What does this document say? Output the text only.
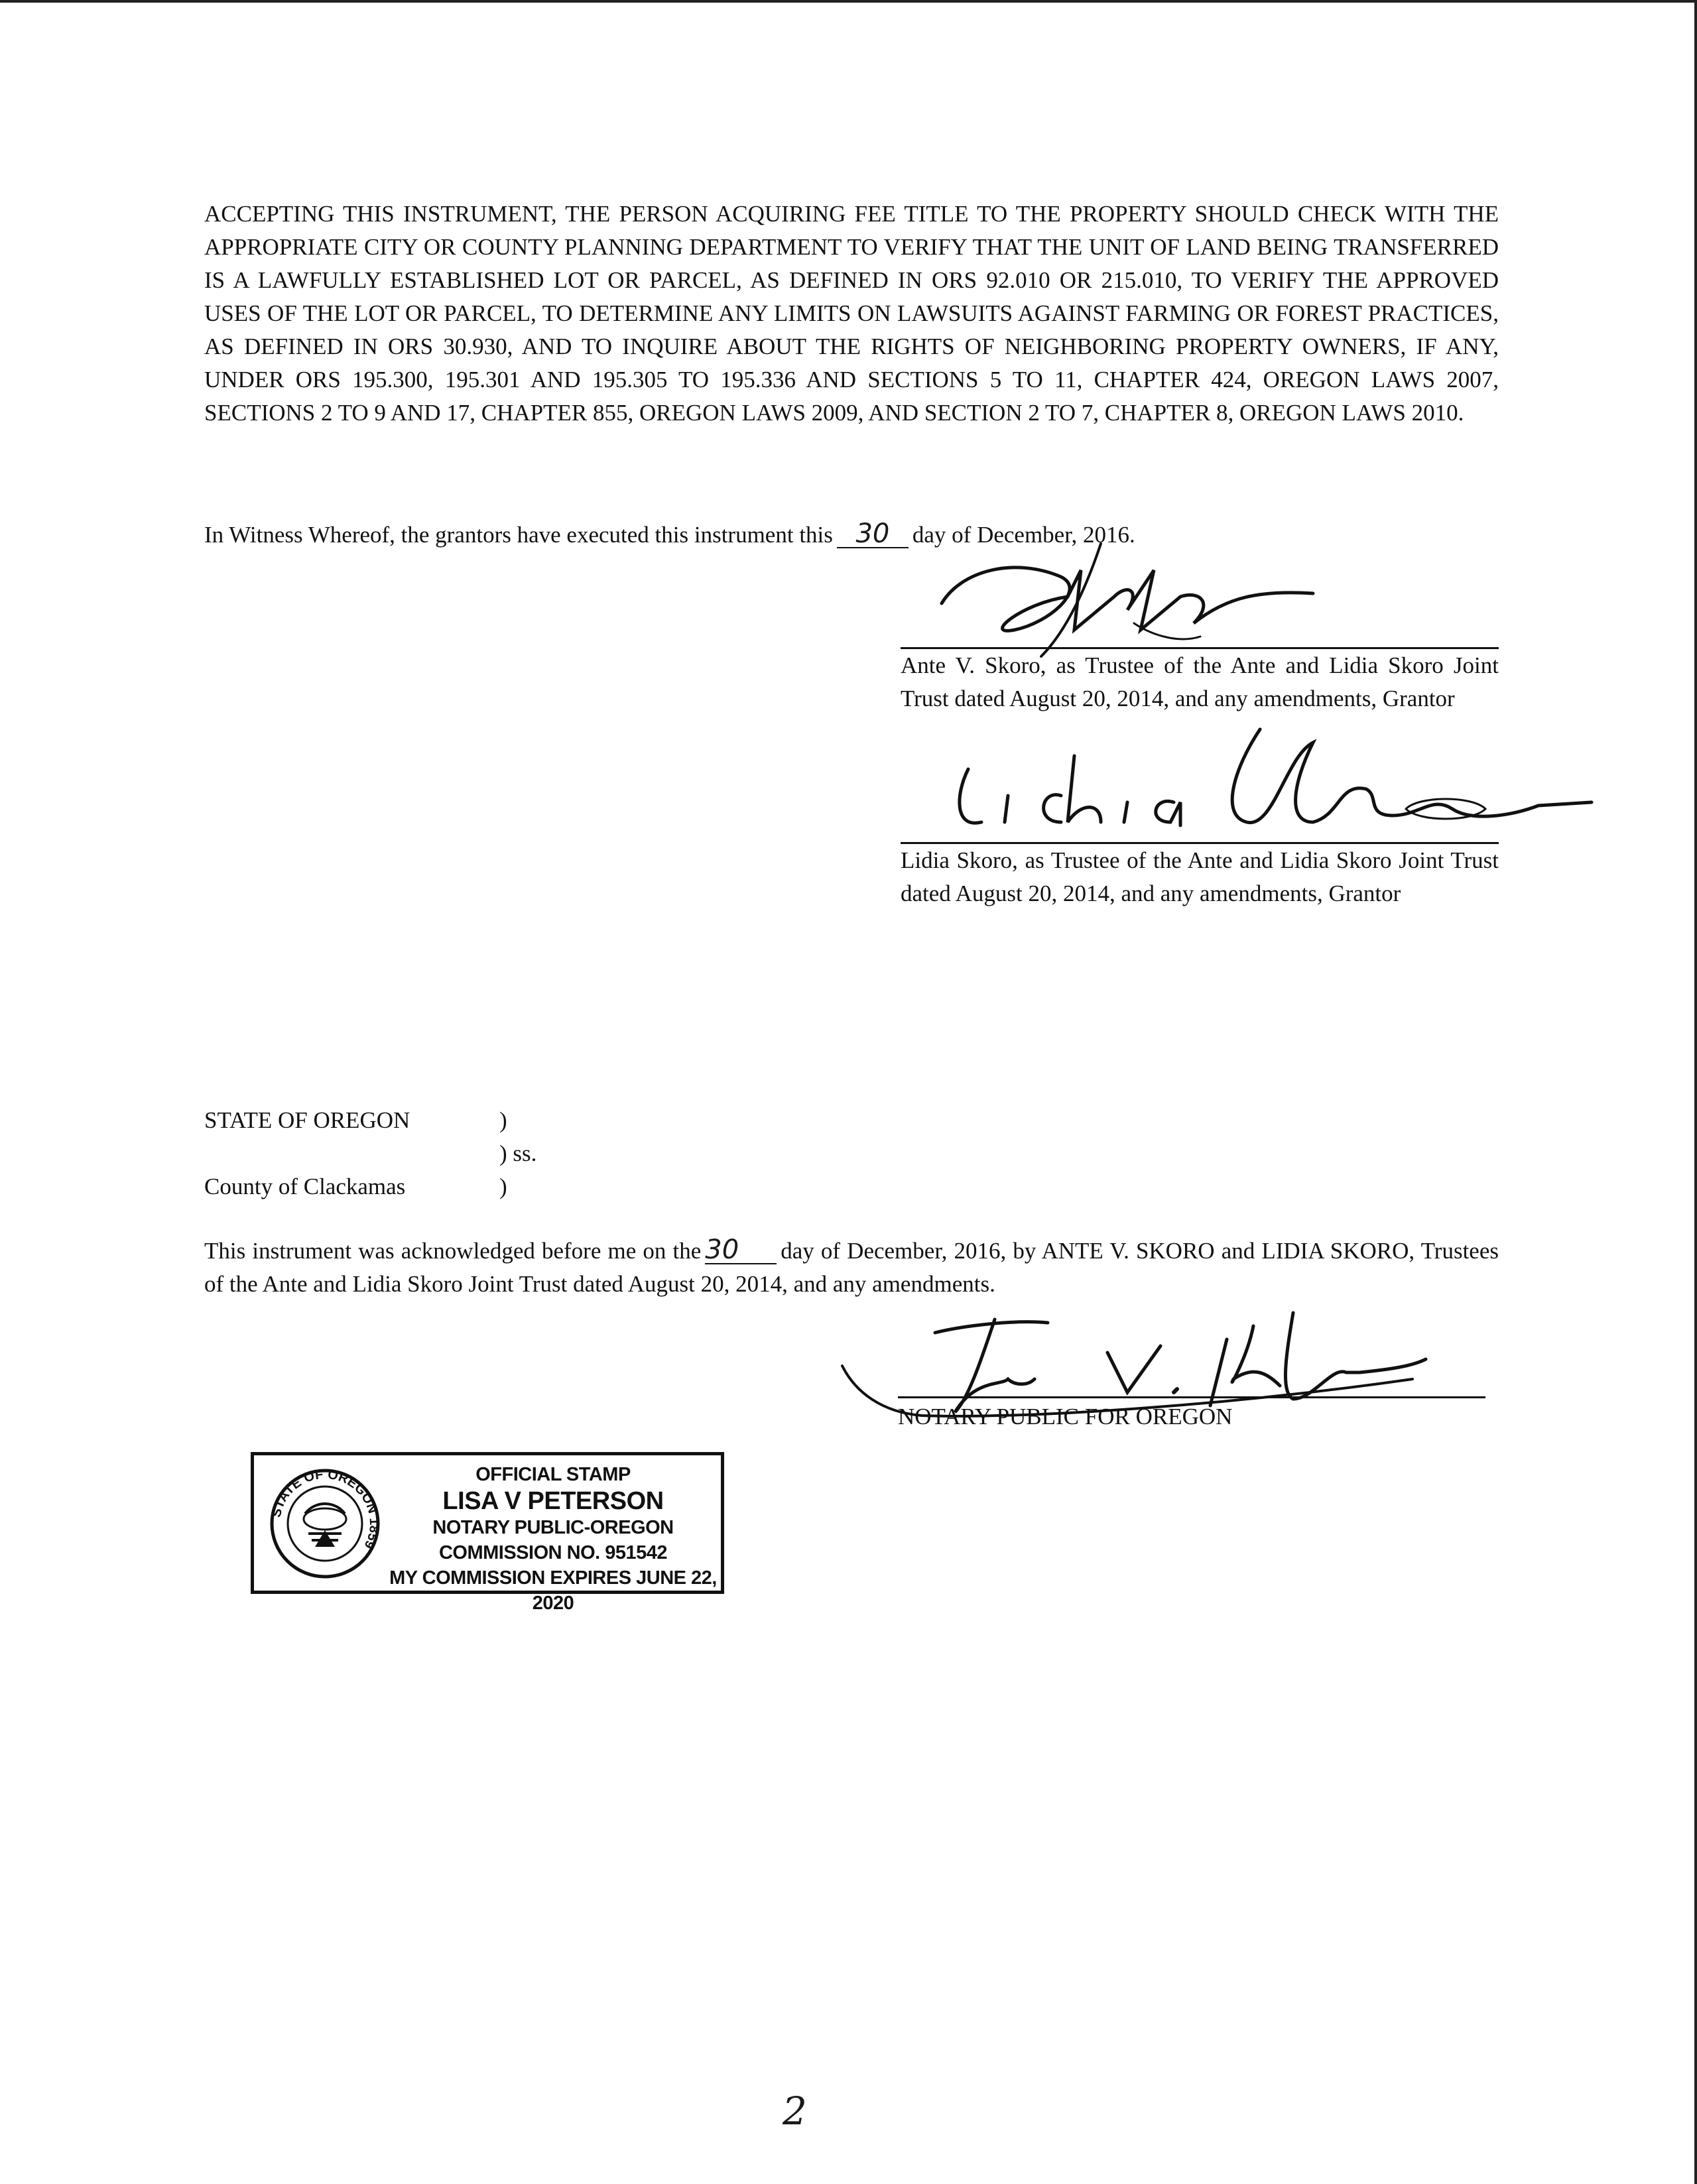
ACCEPTING THIS INSTRUMENT, THE PERSON ACQUIRING FEE TITLE TO THE PROPERTY SHOULD CHECK WITH THE APPROPRIATE CITY OR COUNTY PLANNING DEPARTMENT TO VERIFY THAT THE UNIT OF LAND BEING TRANSFERRED IS A LAWFULLY ESTABLISHED LOT OR PARCEL, AS DEFINED IN ORS 92.010 OR 215.010, TO VERIFY THE APPROVED USES OF THE LOT OR PARCEL, TO DETERMINE ANY LIMITS ON LAWSUITS AGAINST FARMING OR FOREST PRACTICES, AS DEFINED IN ORS 30.930, AND TO INQUIRE ABOUT THE RIGHTS OF NEIGHBORING PROPERTY OWNERS, IF ANY, UNDER ORS 195.300, 195.301 AND 195.305 TO 195.336 AND SECTIONS 5 TO 11, CHAPTER 424, OREGON LAWS 2007, SECTIONS 2 TO 9 AND 17, CHAPTER 855, OREGON LAWS 2009, AND SECTION 2 TO 7, CHAPTER 8, OREGON LAWS 2010.

In Witness Whereof, the grantors have executed this instrument this 30 day of December, 2016.

Ante V. Skoro, as Trustee of the Ante and Lidia Skoro Joint Trust dated August 20, 2014, and any amendments, Grantor

Lidia Skoro, as Trustee of the Ante and Lidia Skoro Joint Trust dated August 20, 2014, and any amendments, Grantor

STATE OF OREGON	)
) ss.
County of Clackamas	)

This instrument was acknowledged before me on the 30 day of December, 2016, by ANTE V. SKORO and LIDIA SKORO, Trustees of the Ante and Lidia Skoro Joint Trust dated August 20, 2014, and any amendments.

NOTARY PUBLIC FOR OREGON

STATE OF OREGON 1859

OFFICIAL STAMP

LISA V PETERSON

NOTARY PUBLIC-OREGON

COMMISSION NO. 951542

MY COMMISSION EXPIRES JUNE 22, 2020

2
